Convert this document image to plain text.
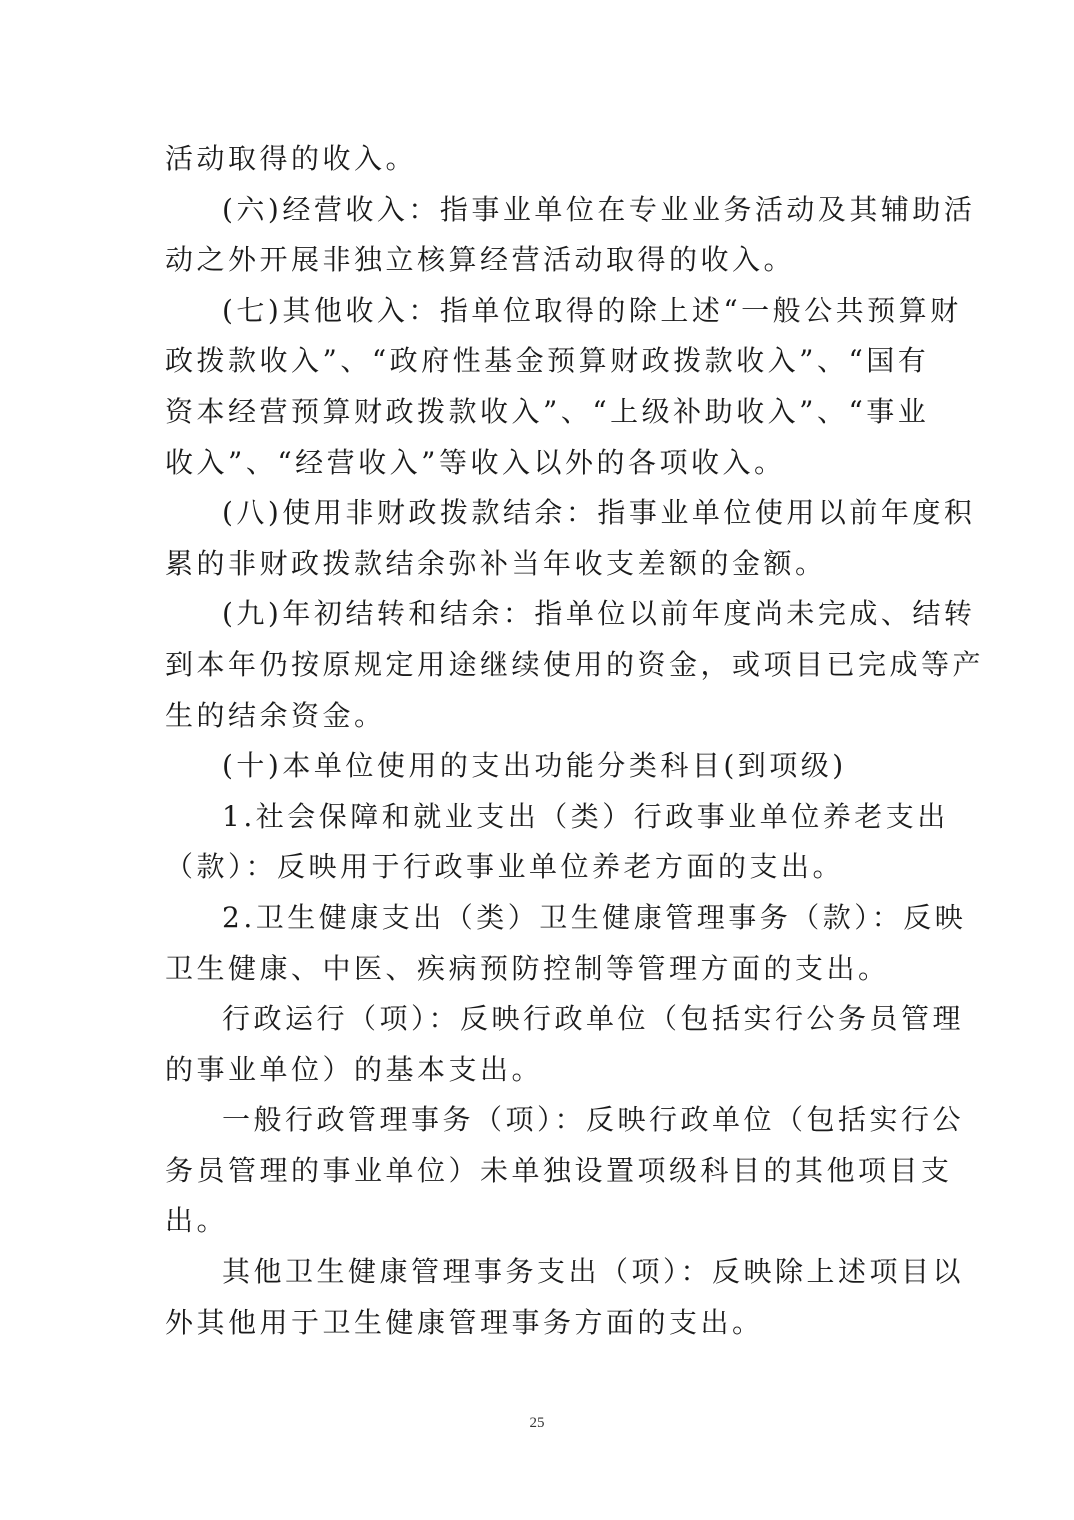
活动取得的收入。
(六)经营收入：指事业单位在专业业务活动及其辅助活
动之外开展非独立核算经营活动取得的收入。
(七)其他收入：指单位取得的除上述“一般公共预算财
政拨款收入”、“政府性基金预算财政拨款收入”、“国有
资本经营预算财政拨款收入”、“上级补助收入”、“事业
收入”、“经营收入”等收入以外的各项收入。
(八)使用非财政拨款结余：指事业单位使用以前年度积
累的非财政拨款结余弥补当年收支差额的金额。
(九)年初结转和结余：指单位以前年度尚未完成、结转
到本年仍按原规定用途继续使用的资金，或项目已完成等产
生的结余资金。
(十)本单位使用的支出功能分类科目(到项级)
1.社会保障和就业支出（类）行政事业单位养老支出
（款）：反映用于行政事业单位养老方面的支出。
2.卫生健康支出（类）卫生健康管理事务（款）：反映
卫生健康、中医、疾病预防控制等管理方面的支出。
行政运行（项）：反映行政单位（包括实行公务员管理
的事业单位）的基本支出。
一般行政管理事务（项）：反映行政单位（包括实行公
务员管理的事业单位）未单独设置项级科目的其他项目支
出。
其他卫生健康管理事务支出（项）：反映除上述项目以
外其他用于卫生健康管理事务方面的支出。
25
